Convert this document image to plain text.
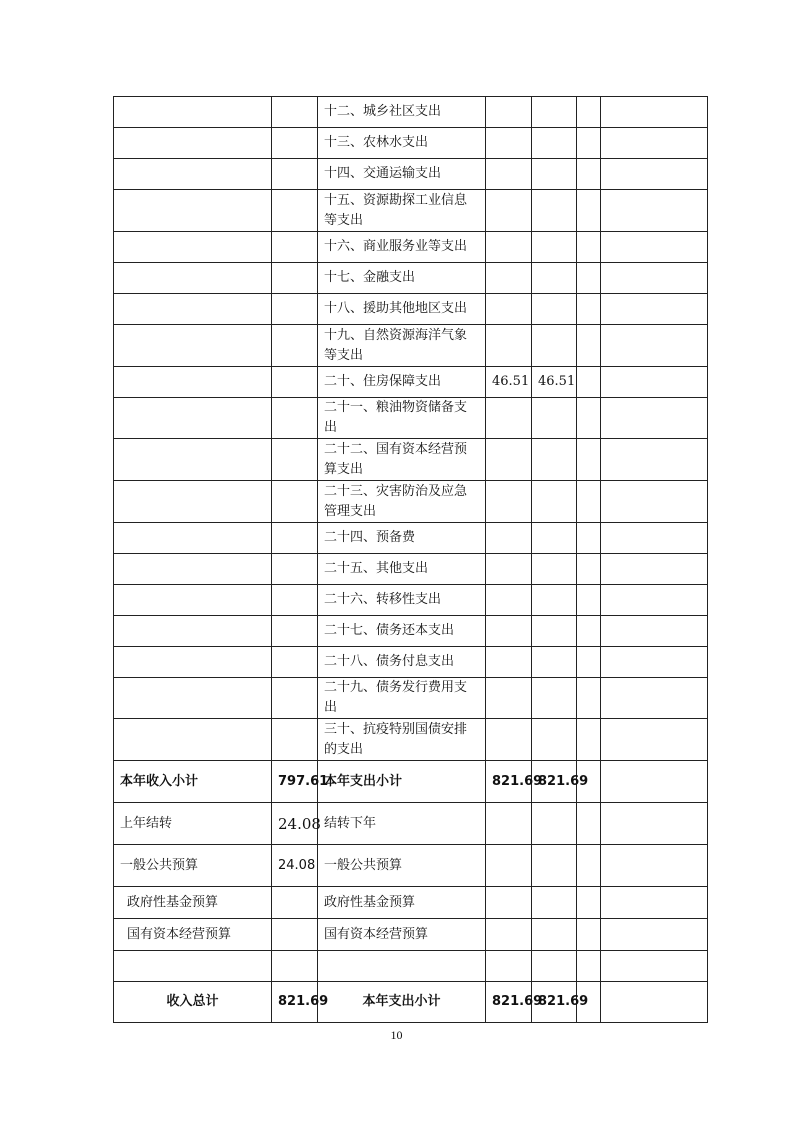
		十二、城乡社区支出				
		十三、农林水支出				
		十四、交通运输支出				
		十五、资源勘探工业信息等支出				
		十六、商业服务业等支出				
		十七、金融支出				
		十八、援助其他地区支出				
		十九、自然资源海洋气象等支出				
		二十、住房保障支出	46.51	46.51		
		二十一、粮油物资储备支出				
		二十二、国有资本经营预算支出				
		二十三、灾害防治及应急管理支出				
		二十四、预备费				
		二十五、其他支出				
		二十六、转移性支出				
		二十七、债务还本支出				
		二十八、债务付息支出				
		二十九、债务发行费用支出				
		三十、抗疫特别国债安排的支出				
本年收入小计	797.61	本年支出小计	821.69	821.69		
上年结转	24.08	结转下年				
一般公共预算	24.08	一般公共预算				
政府性基金预算		政府性基金预算				
国有资本经营预算		国有资本经营预算				

收入总计	821.69	本年支出小计	821.69	821.69		
10
